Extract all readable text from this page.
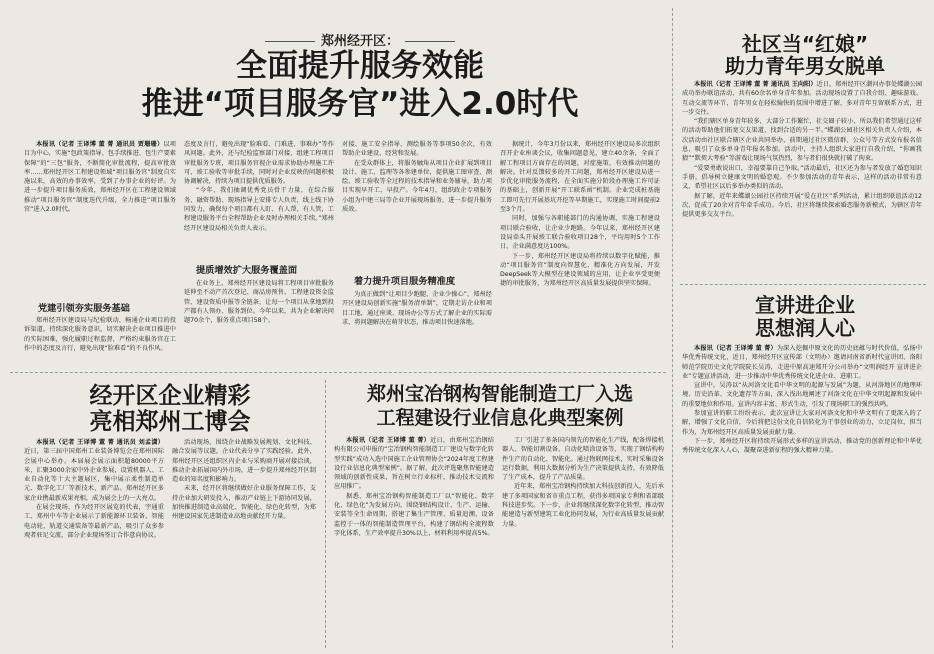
郑州经开区：
全面提升服务效能
推进“项目服务官”进入2.0时代

本报讯（记者 王译博 董 菁 通讯员 贾珊珊）以项目为中心，实施“包政策指导、包手续推进、包生产要素保障”的“三包”服务，不断简化审批流程，提高审批效率……郑州经开区工程建设领域“项目服务官”制度自实施以来，高效的办事效率，受到了办事企业的好评。为进一步提升项目服务质效，郑州经开区在工程建设领域推动“项目服务官”制度迭代升级，全力推进“项目服务官”进入2.0时代。

党建引领夯实服务基础

郑州经开区建设局与纪检联动，畅通企业项目的投诉渠道，持续深化服务意识，切实解决企业项目推进中的实际困难，强化履职过程监督，严格约束服务官在工作中的态度及言行，避免出现“脸难看”的不良作风。

态度及言行，避免出现“脸难看、门难进、事难办”等作风问题。此外，还与纪检监察部门对接，组建工程项目审批服务专班，项目服务官视企业需求协助办理施工许可、竣工验收等审批手续，同时对企业反映的问题积极协调解决，持续为项目提供优质服务。

“今年，我们抽调优秀党员骨干力量，在综合服务、融资帮助、现场指导上安排专人负责，线上线下协同发力，确保每个项目都有人盯、有人帮、有人管，工程建设服务平台全程帮助企业及时办理相关手续。”郑州经开区建设局相关负责人表示。

提质增效扩大服务覆盖面

在业务上，郑州经开区建设局将工程项目审批服务延伸至不动产首次登记、商品房预售、工程建设资金监管、建设资质申报等全链条，让每一个项目从拿地到投产都有人领办、服务到位。今年以来，共为企业解决问题70余个，服务重点项目58个。

对接、施工安全指导、测绘服务等事项50余次，有效帮助企业建设、经营和发展。

在受众群体上，将服务触角从项目企业扩展到项目设计、施工、监理等各参建单位，提供施工图审查、测绘、竣工验收等全过程的技术指导和业务辅导，助力项目实现早开工、早投产。今年4月，组织政企专项服务小组为中建三局等企业开展现场服务，进一步提升服务质效。

着力提升项目服务精准度

为真正做到“让项目少跑腿、企业少操心”，郑州经开区建设局创新实施“服务清单制”，定期走访企业和项目工地，通过座谈、现场办公等方式了解企业的实际需求，将问题解决在萌芽状态，推动项目快速落地。

据统计，今年3月份以来，郑州经开区建设局多次组织召开企业座谈会议，收集问题意见，建立40余条，全面了解工程项目方面存在的问题，对症施策，有效推动问题的解决。针对反馈较多的开工问题，郑州经开区建设局进一步优化审批服务流程，在全面实施分阶段办理施工许可证的基础上，创新开展“开工联系函”机制。企业完成桩基施工即可先行开展基坑开挖等早期施工，实现施工时间提前2至3个月。

同时，加强与各职能部门的沟通协调，实施工程建设项目联合验收，让企业少跑路。今年以来，郑州经开区建设局牵头开展竣工联合验收项目28个，平均用时5个工作日，企业满意度达100%。

下一步，郑州经开区建设局将持续以数字化赋能，推动“项目服务官”制度向智慧化、精准化方向发展，开发DeepSeek等大模型在建设领域的应用，让企业享受更便捷的审批服务，为郑州经开区高质量发展提供坚实保障。

社区当“红娘”
助力青年男女脱单

本报讯（记者 王译博 董 菁 通讯员 王向阳）近日，郑州经开区潮河办事处蝶湖公园成功举办联谊活动，共有60余名单身青年参加。活动现场设置了自我介绍、趣味游戏、互动交流等环节，青年男女在轻松愉快的氛围中增进了解，多对青年互留联系方式，进一步交往。

“我们辖区单身青年较多，大部分工作繁忙，社交圈子较小，所以我们希望通过这样的活动帮助他们拓宽交友渠道，找到合适的另一半。”蝶湖公园社区相关负责人介绍，本次活动由社区联合辖区企业共同举办，前期通过社区微信群、公众号等方式发布报名信息，吸引了众多单身青年报名参加。活动中，主持人组织大家进行自我介绍，“你画我猜”“默契大考验”等游戏让现场气氛热烈，参与者们很快就打破了拘束。

“爱要勇敢说出口，幸福要靠自己争取。”活动最后，社区还为参与者发放了婚恋知识手册，倡导树立健康文明的婚恋观。不少参加活动的青年表示，这样的活动非常有意义，希望社区以后多举办类似的活动。

据了解，近年来蝶湖公园社区持续开展“爱在社区”系列活动，累计组织联谊活动12次，促成了20余对青年牵手成功。今后，社区将继续探索婚恋服务新模式，为辖区青年提供更多交友平台。

宣讲进企业
思想润人心

本报讯（记者 王译博 董 菁）为深入挖掘中原文化的历史底蕴与时代价值，弘扬中华优秀传统文化，近日，郑州经开区宣传部（文明办）邀请河南省新时代宣讲团、洛阳师范学院历史文化学院院长吴涛，走进中原高速郑开分公司举办“文明润经开 宣讲进企业”专题宣讲活动，进一步推动中华优秀传统文化进企业、进职工。

宣讲中，吴涛以“从河洛文化看中华文明的起源与发展”为题，从河洛地区的地理环境、历史沿革、文化遗存等方面，深入浅出地阐述了河洛文化在中华文明起源和发展中的重要地位和作用。宣讲内容丰富、形式生动，引发了现场职工的强烈共鸣。

参加宣讲的职工纷纷表示，此次宣讲让大家对河洛文化和中华文明有了更深入的了解，增强了文化自信，今后将把这份文化自信转化为干事创业的动力，立足岗位、担当作为，为郑州经开区高质量发展贡献力量。

下一步，郑州经开区将持续开展形式多样的宣讲活动，推动党的创新理论和中华优秀传统文化深入人心，凝聚奋进新征程的强大精神力量。

经开区企业精彩
亮相郑州工博会

本报讯（记者 王译博 董 菁 通讯员 刘孟潇）近日，第三届中国郑州工业装备博览会在郑州国际会展中心举办。本届展会展示面积超80000平方米，汇聚3000余家中外企业参展，设置机器人、工业自动化等十大主题展区，集中展示柔性制造单元、数字化工厂等新技术、新产品。郑州经开区多家企业携最新成果亮相，成为展会上的一大亮点。

在展会现场，作为经开区展览的代表，宇通重工、郑州中车等企业展示了新能源环卫装备、智能电动轮、轨道交通装备等最新产品，吸引了众多参观者驻足交流，部分企业现场签订合作意向协议。

活动现场，围绕企业战略发展规划、文化科技、融合发展等议题，企业代表分享了实践经验。此外，郑州经开区还组织区内企业与采购商开展对接洽谈，推动企业拓展国内外市场，进一步提升郑州经开区制造业的知名度和影响力。

未来，经开区将继续做好企业服务保障工作，支持企业加大研发投入，推动产业链上下游协同发展，加快推进制造业高端化、智能化、绿色化转型，为郑州建设国家先进制造业高地贡献经开力量。

郑州宝冶钢构智能制造工厂入选
工程建设行业信息化典型案例

本报讯（记者 王译博 董 菁）近日，由郑州宝冶钢结构有限公司申报的“宝冶钢构智能制造工厂建设与数字化转型实践”成功入选中国施工企业管理协会“2024年度工程建设行业信息化典型案例”。据了解，此次评选聚焦智能建造领域的创新性成果，旨在树立行业标杆，推动技术交流和应用推广。

据悉，郑州宝冶钢构智能制造工厂以“智能化、数字化、绿色化”为发展方向，围绕钢结构设计、生产、运输、安装等全生命周期，搭建了集生产管理、质量追溯、设备监控于一体的智能制造管理平台，构建了钢结构全流程数字化体系，生产效率提升30%以上，材料利用率提高5%。

工厂引进了多条国内领先的智能化生产线，配备焊接机器人、智能切割设备、自动化喷涂设备等，实现了钢结构构件生产的自动化、智能化。通过物联网技术，实时采集设备运行数据，利用大数据分析为生产决策提供支持，有效降低了生产成本，提升了产品质量。

近年来，郑州宝冶钢构持续加大科技创新投入，先后承建了多项国家和省市重点工程，获得多项国家专利和省部级科技进步奖。下一步，企业将继续深化数字化转型，推动智能建造与新型建筑工业化协同发展，为行业高质量发展贡献力量。
